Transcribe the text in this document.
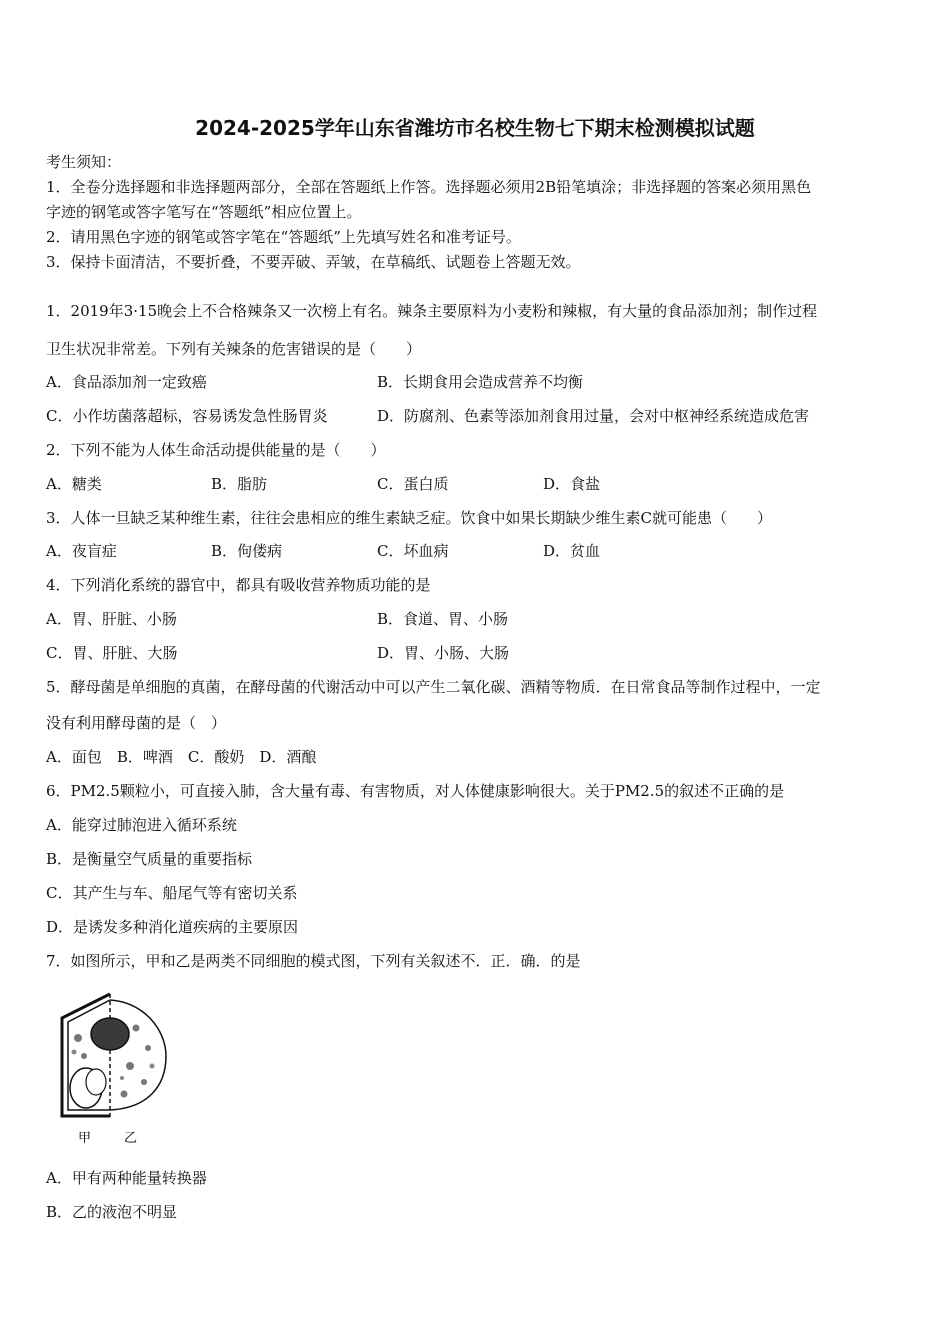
2024-2025学年山东省潍坊市名校生物七下期末检测模拟试题
考生须知：
1．全卷分选择题和非选择题两部分，全部在答题纸上作答。选择题必须用2B铅笔填涂；非选择题的答案必须用黑色
字迹的钢笔或答字笔写在“答题纸”相应位置上。
2．请用黑色字迹的钢笔或答字笔在“答题纸”上先填写姓名和准考证号。
3．保持卡面清洁，不要折叠，不要弄破、弄皱，在草稿纸、试题卷上答题无效。
1．2019年3·15晚会上不合格辣条又一次榜上有名。辣条主要原料为小麦粉和辣椒，有大量的食品添加剂；制作过程
卫生状况非常差。下列有关辣条的危害错误的是（　　）
A．食品添加剂一定致癌	B．长期食用会造成营养不均衡
C．小作坊菌落超标，容易诱发急性肠胃炎	D．防腐剂、色素等添加剂食用过量，会对中枢神经系统造成危害
2．下列不能为人体生命活动提供能量的是（　　）
A．糖类	B．脂肪	C．蛋白质	D．食盐
3．人体一旦缺乏某种维生素，往往会患相应的维生素缺乏症。饮食中如果长期缺少维生素C就可能患（　　）
A．夜盲症	B．佝偻病	C．坏血病	D．贫血
4．下列消化系统的器官中，都具有吸收营养物质功能的是
A．胃、肝脏、小肠	B．食道、胃、小肠
C．胃、肝脏、大肠	D．胃、小肠、大肠
5．酵母菌是单细胞的真菌，在酵母菌的代谢活动中可以产生二氧化碳、酒精等物质．在日常食品等制作过程中，一定
没有利用酵母菌的是（　）
A．面包　B．啤酒　C．酸奶　D．酒酿
6．PM2.5颗粒小，可直接入肺，含大量有毒、有害物质，对人体健康影响很大。关于PM2.5的叙述不正确的是
A．能穿过肺泡进入循环系统
B．是衡量空气质量的重要指标
C．其产生与车、船尾气等有密切关系
D．是诱发多种消化道疾病的主要原因
7．如图所示，甲和乙是两类不同细胞的模式图，下列有关叙述不．正．确．的是
甲	乙
A．甲有两种能量转换器
B．乙的液泡不明显
